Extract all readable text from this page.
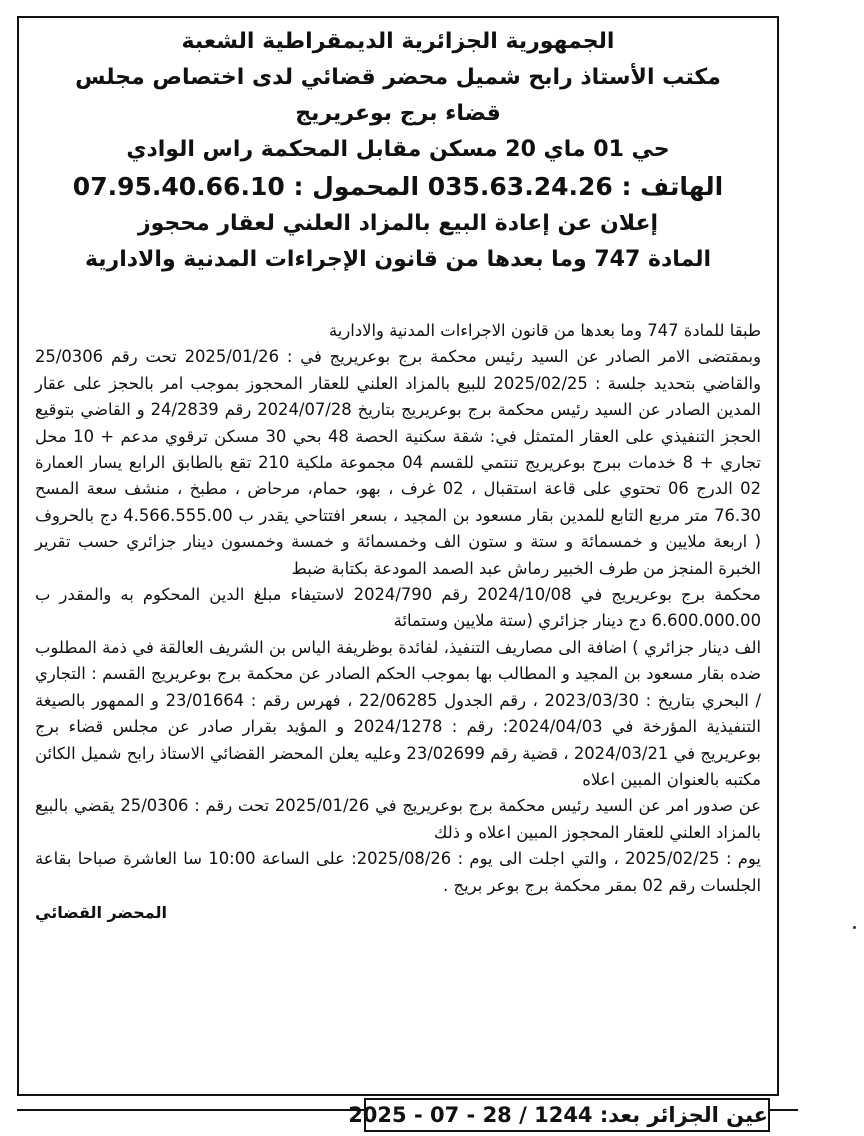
الجمهورية الجزائرية الديمقراطية الشعبة
مكتب الأستاذ رابح شميل محضر قضائي لدى اختصاص مجلس
قضاء برج بوعريريج
حي 01 ماي 20 مسكن مقابل المحكمة راس الوادي
الهاتف : 035.63.24.26 المحمول : 07.95.40.66.10
إعلان عن إعادة البيع بالمزاد العلني لعقار محجوز
المادة 747 وما بعدها من قانون الإجراءات المدنية والادارية

طبقا للمادة 747 وما بعدها من قانون الاجراءات المدنية والادارية

وبمقتضى الامر الصادر عن السيد رئيس محكمة برج بوعريريج في : 2025/01/26 تحت رقم 25/0306 والقاضي بتحديد جلسة : 2025/02/25 للبيع بالمزاد العلني للعقار المحجوز بموجب امر بالحجز على عقار المدين الصادر عن السيد رئيس محكمة برج بوعريريج بتاريخ 2024/07/28 رقم 24/2839 و القاضي بتوقيع الحجز التنفيذي على العقار المتمثل في: شقة سكنية الحصة 48 بحي 30 مسكن ترقوي مدعم + 10 محل تجاري + 8 خدمات ببرج بوعريريج تنتمي للقسم 04 مجموعة ملكية 210 تقع بالطابق الرابع يسار العمارة 02 الدرج 06 تحتوي على قاعة استقبال ، 02 غرف ، بهو، حمام، مرحاض ، مطبخ ، منشف سعة المسح 76.30 متر مربع التابع للمدين بقار مسعود بن المجيد ، بسعر افتتاحي يقدر ب 4.566.555.00 دج بالحروف ( اربعة ملايين و خمسمائة و ستة و ستون الف وخمسمائة و خمسة وخمسون دينار جزائري حسب تقرير الخبرة المنجز من طرف الخبير رماش عبد الصمد المودعة بكتابة ضبط

محكمة برج بوعريريج في 2024/10/08 رقم 2024/790 لاستيفاء مبلغ الدين المحكوم به والمقدر ب 6.600.000.00 دج دينار جزائري (ستة ملايين وستمائة

الف دينار جزائري ) اضافة الى مصاريف التنفيذ، لفائدة بوظريفة الياس بن الشريف العالقة في ذمة المطلوب ضده بقار مسعود بن المجيد و المطالب بها بموجب الحكم الصادر عن محكمة برج بوعريريج القسم : التجاري / البحري بتاريخ : 2023/03/30 ، رقم الجدول 22/06285 ، فهرس رقم : 23/01664 و الممهور بالصيغة التنفيذية المؤرخة في 2024/04/03: رقم : 2024/1278 و المؤيد بقرار صادر عن مجلس قضاء برج بوعريريج في 2024/03/21 ، قضية رقم 23/02699 وعليه يعلن المحضر القضائي الاستاذ رابح شميل الكائن مكتبه بالعنوان المبين اعلاه

عن صدور امر عن السيد رئيس محكمة برج بوعريريج في 2025/01/26 تحت رقم : 25/0306 يقضي بالبيع بالمزاد العلني للعقار المحجوز المبين اعلاه و ذلك

يوم : 2025/02/25 ، والتي اجلت الى يوم : 2025/08/26: على الساعة 10:00 سا العاشرة صباحا بقاعة الجلسات رقم 02 بمقر محكمة برج بوعر بريج .

المحضر القضائي
عين الجزائر بعد: 1244 / 28 - 07 - 2025
